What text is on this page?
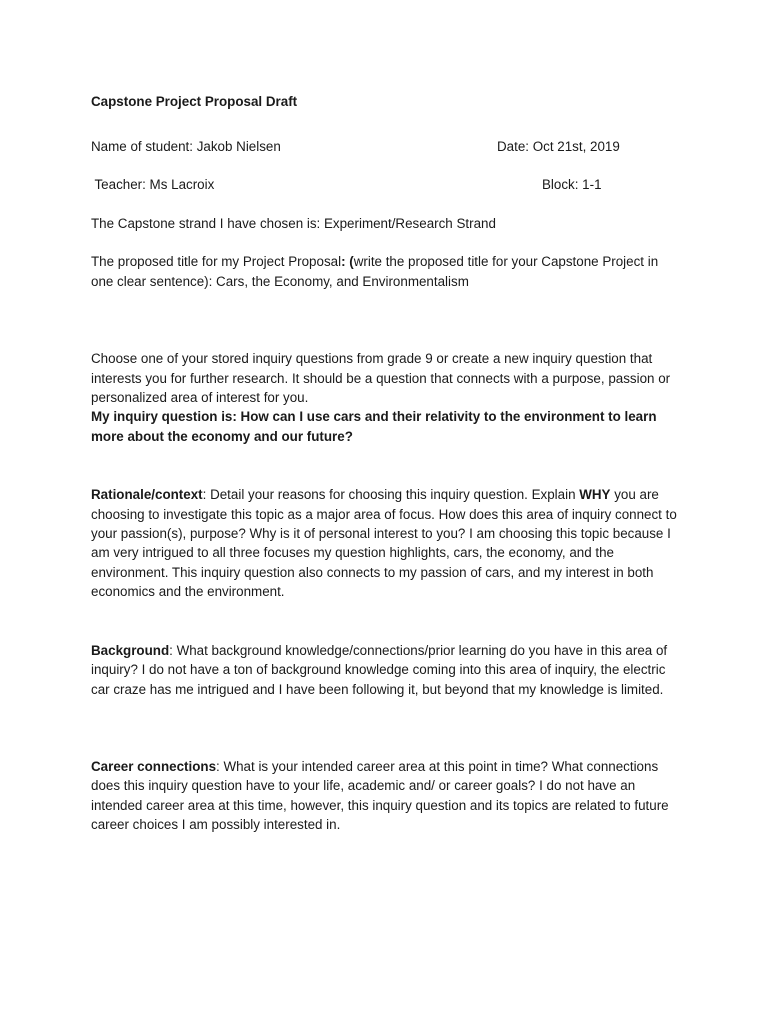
Capstone Project Proposal Draft
Name of student: Jakob Nielsen	Date: Oct 21st, 2019
Teacher: Ms Lacroix	Block: 1-1

The Capstone strand I have chosen is: Experiment/Research Strand

The proposed title for my Project Proposal: (write the proposed title for your Capstone Project in one clear sentence): Cars, the Economy, and Environmentalism

Choose one of your stored inquiry questions from grade 9 or create a new inquiry question that interests you for further research. It should be a question that connects with a purpose, passion or personalized area of interest for you.

My inquiry question is: How can I use cars and their relativity to the environment to learn more about the economy and our future?

Rationale/context: Detail your reasons for choosing this inquiry question. Explain WHY you are choosing to investigate this topic as a major area of focus. How does this area of inquiry connect to your passion(s), purpose? Why is it of personal interest to you? I am choosing this topic because I am very intrigued to all three focuses my question highlights, cars, the economy, and the environment. This inquiry question also connects to my passion of cars, and my interest in both economics and the environment.

Background: What background knowledge/connections/prior learning do you have in this area of inquiry? I do not have a ton of background knowledge coming into this area of inquiry, the electric car craze has me intrigued and I have been following it, but beyond that my knowledge is limited.

Career connections: What is your intended career area at this point in time? What connections does this inquiry question have to your life, academic and/ or career goals? I do not have an intended career area at this time, however, this inquiry question and its topics are related to future career choices I am possibly interested in.
